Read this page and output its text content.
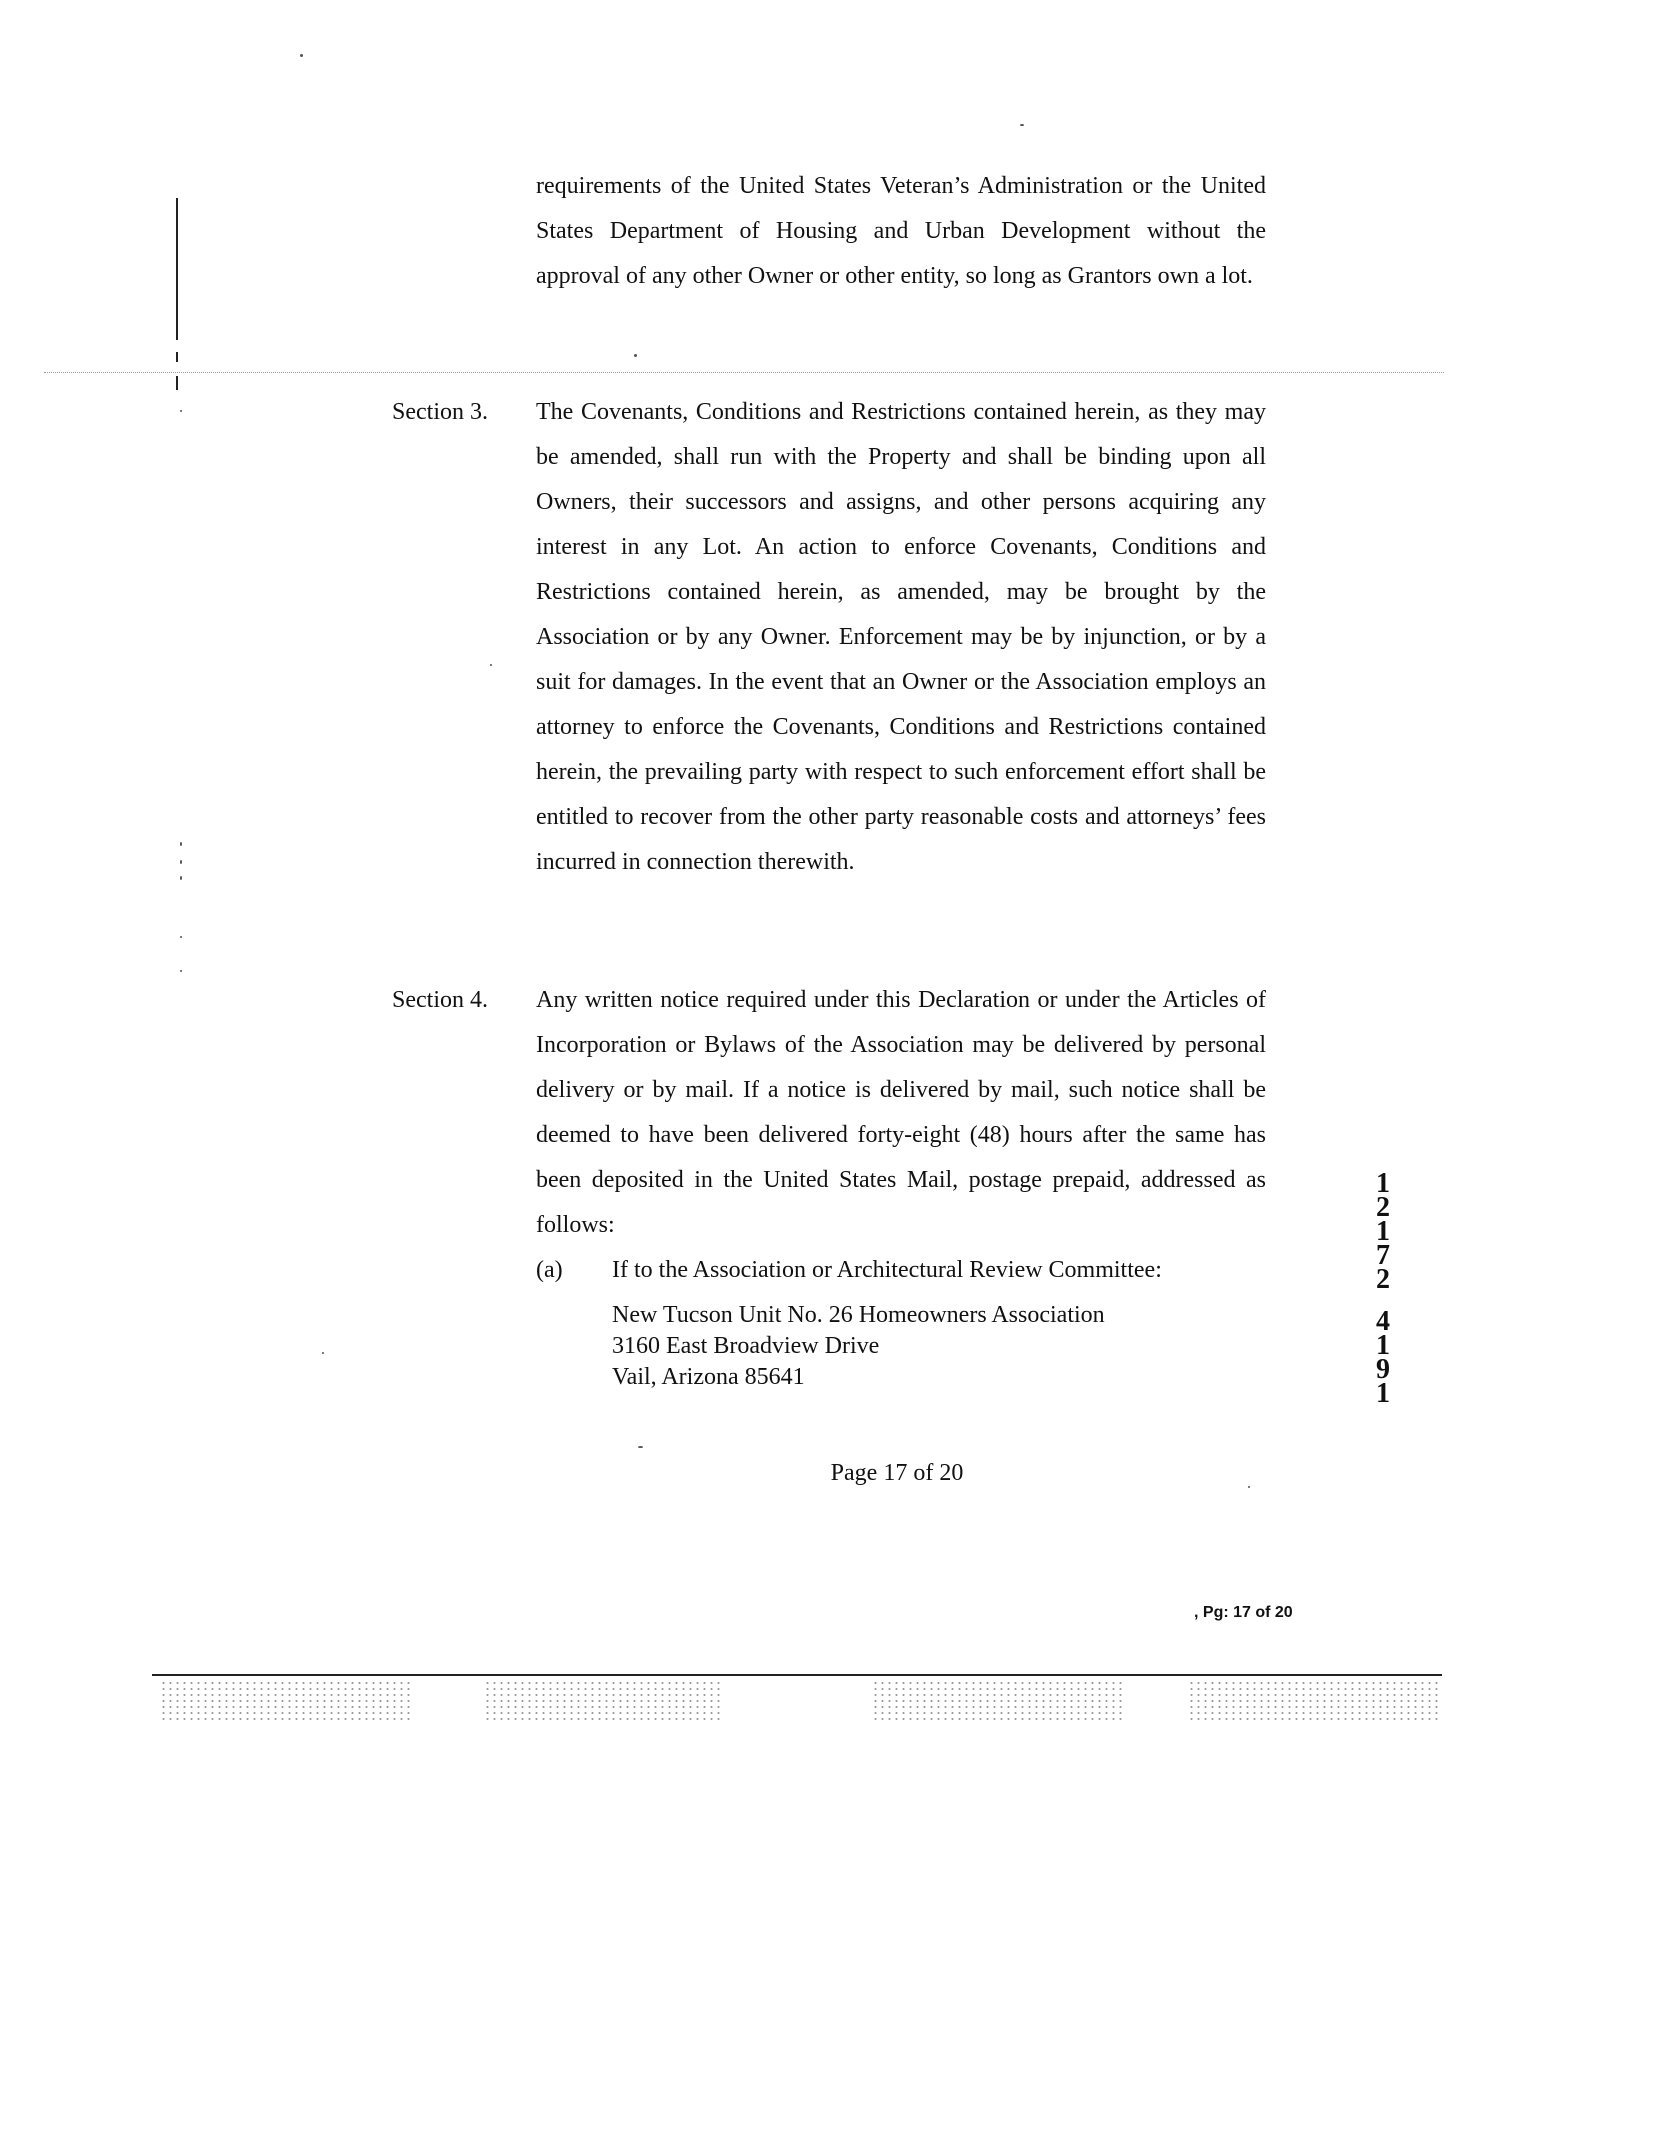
requirements of the United States Veteran’s Administration or the United States Department of Housing and Urban Development without the approval of any other Owner or other entity, so long as Grantors own a lot.

Section 3. The Covenants, Conditions and Restrictions contained herein, as they may be amended, shall run with the Property and shall be binding upon all Owners, their successors and assigns, and other persons acquiring any interest in any Lot. An action to enforce Covenants, Conditions and Restrictions contained herein, as amended, may be brought by the Association or by any Owner. Enforcement may be by injunction, or by a suit for damages. In the event that an Owner or the Association employs an attorney to enforce the Covenants, Conditions and Restrictions contained herein, the prevailing party with respect to such enforcement effort shall be entitled to recover from the other party reasonable costs and attorneys’ fees incurred in connection therewith.

Section 4. Any written notice required under this Declaration or under the Articles of Incorporation or Bylaws of the Association may be delivered by personal delivery or by mail. If a notice is delivered by mail, such notice shall be deemed to have been delivered forty-eight (48) hours after the same has been deposited in the United States Mail, postage prepaid, addressed as follows:

(a) If to the Association or Architectural Review Committee:
New Tucson Unit No. 26 Homeowners Association
3160 East Broadview Drive
Vail, Arizona 85641
1
2
1
7
2
4
1
9
1
Page 17 of 20
, Pg: 17 of 20
